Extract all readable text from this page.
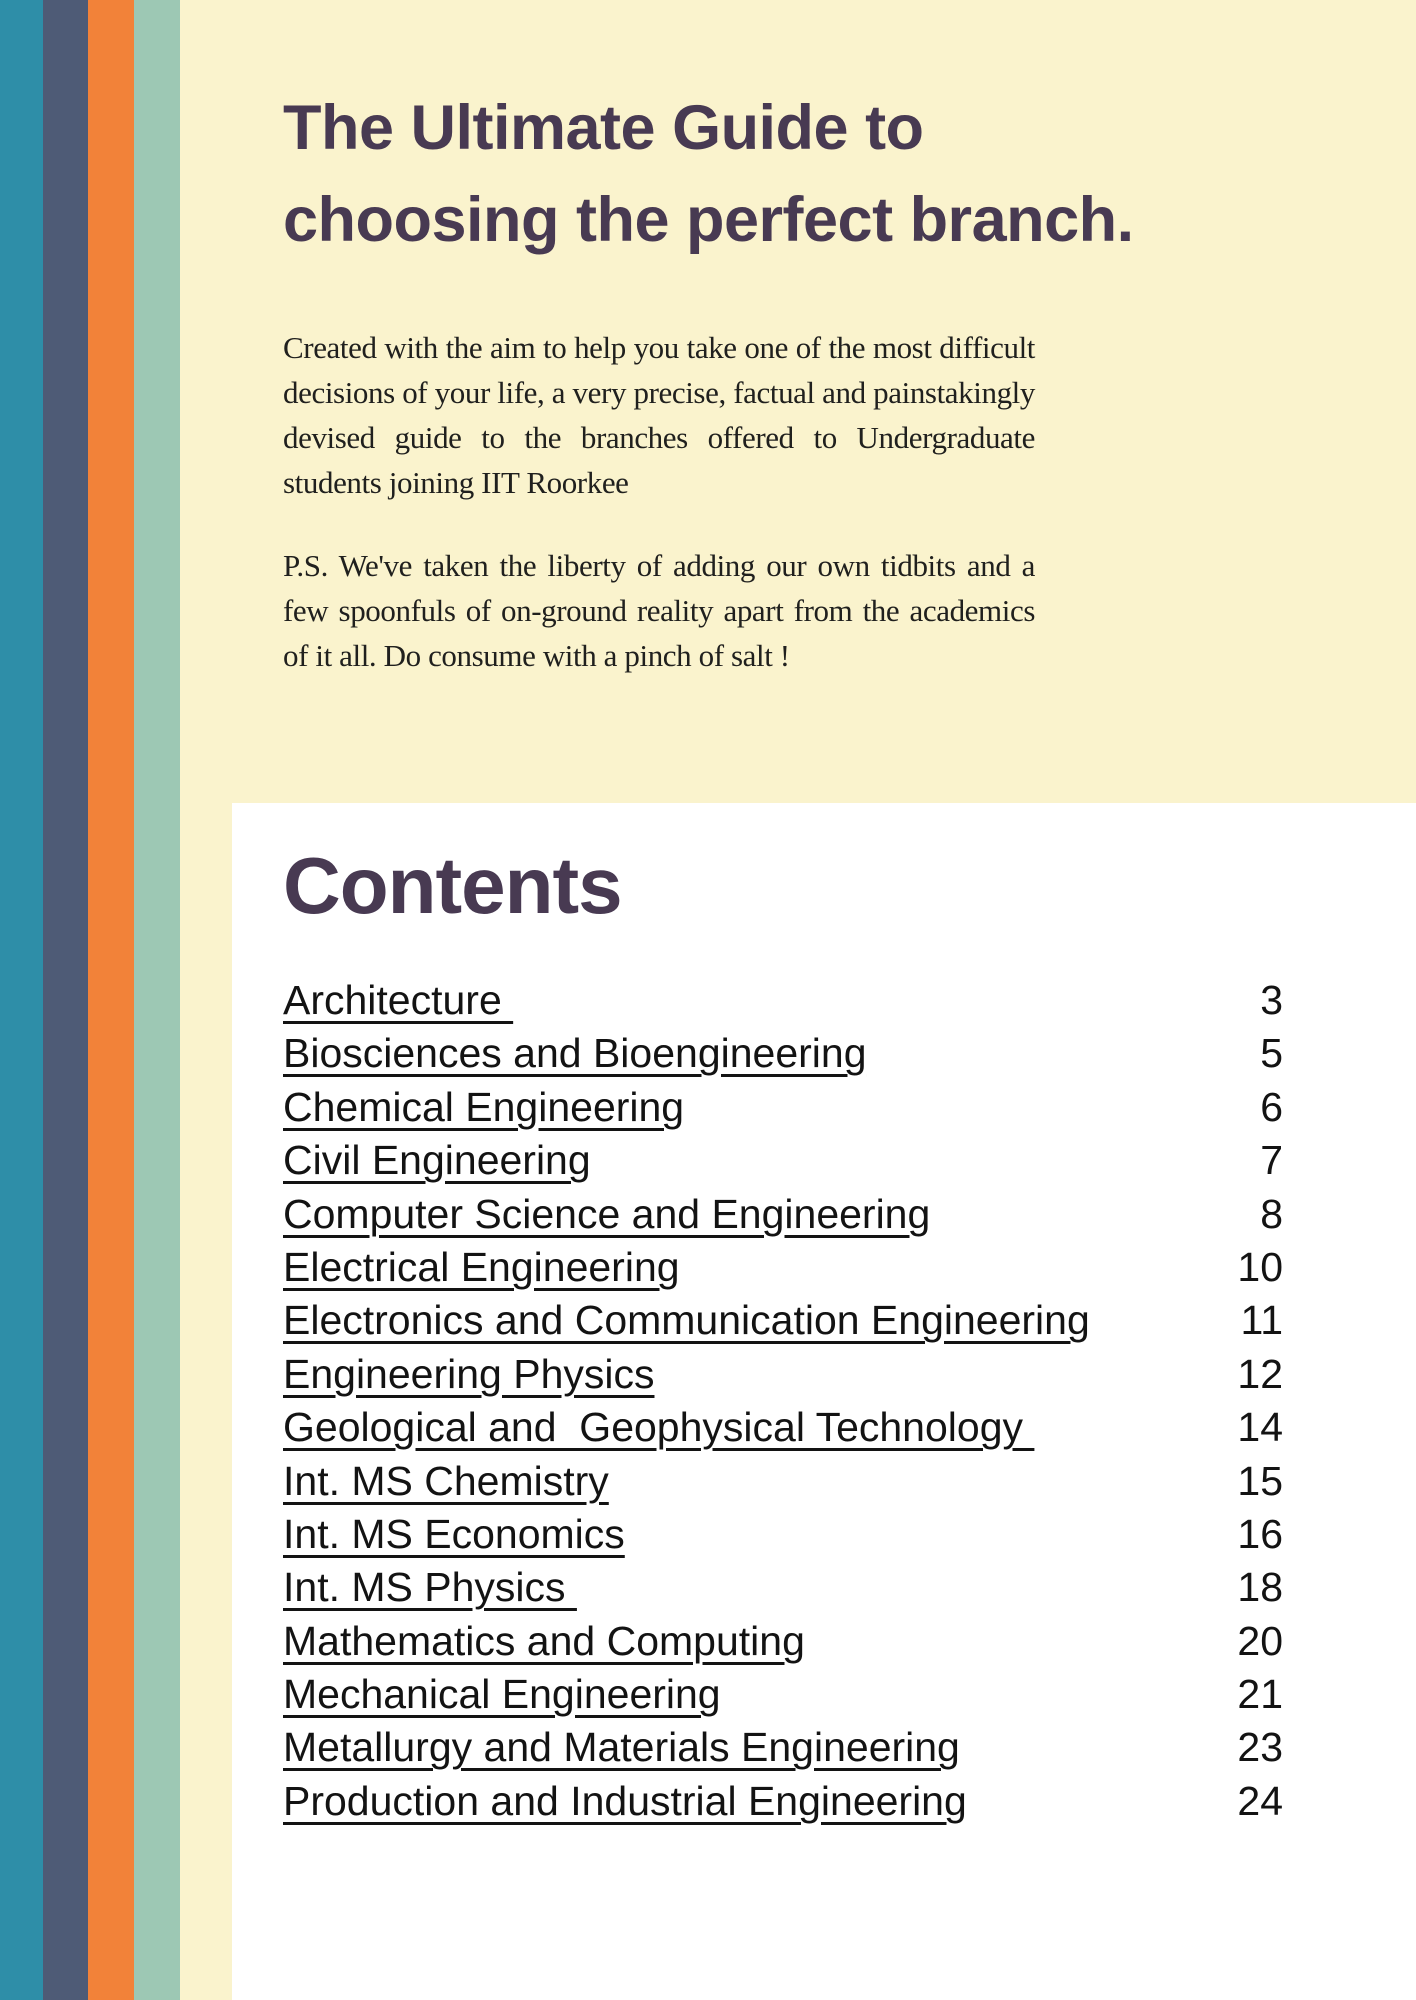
The Ultimate Guide to
choosing the perfect branch.

Created with the aim to help you take one of the most difficult decisions of your life, a very precise, factual and painstakingly devised guide to the branches offered to Undergraduate students joining IIT Roorkee

P.S. We've taken the liberty of adding our own tidbits and a few spoonfuls of on-ground reality apart from the academics of it all. Do consume with a pinch of salt !

Contents
Architecture	3
Biosciences and Bioengineering	5
Chemical Engineering	6
Civil Engineering	7
Computer Science and Engineering	8
Electrical Engineering	10
Electronics and Communication Engineering	11
Engineering Physics	12
Geological and  Geophysical Technology	14
Int. MS Chemistry	15
Int. MS Economics	16
Int. MS Physics	18
Mathematics and Computing	20
Mechanical Engineering	21
Metallurgy and Materials Engineering	23
Production and Industrial Engineering	24
